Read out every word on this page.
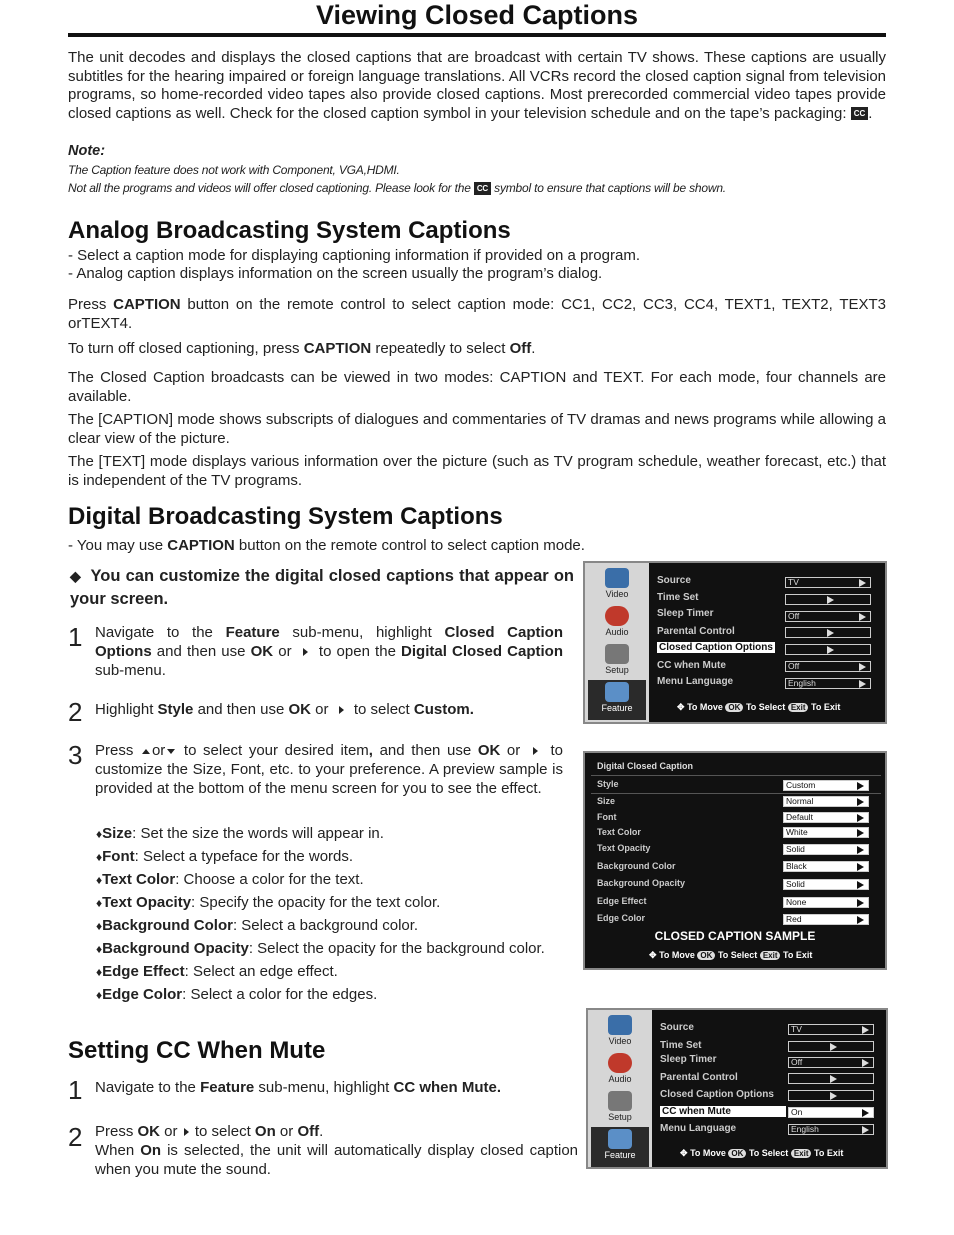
Viewing Closed Captions

The unit decodes and displays the closed captions that are broadcast with certain TV shows. These captions are usually subtitles for the hearing impaired or foreign language translations. All VCRs record the closed caption signal from television programs, so home-recorded video tapes also provide closed captions. Most prerecorded commercial video tapes provide closed captions as well. Check for the closed caption symbol in your television schedule and on the tape’s packaging: CC .

Note:
The Caption feature does not work with Component, VGA,HDMI.
Not all the programs and videos will offer closed captioning. Please look for the CC symbol to ensure that captions will be shown.
Analog Broadcasting System Captions

- Select a caption mode for displaying captioning information if provided on a program.

- Analog caption displays information on the screen usually the program’s dialog.

Press CAPTION button on the remote control to select caption mode: CC1, CC2, CC3, CC4, TEXT1, TEXT2, TEXT3 orTEXT4.

To turn off closed captioning, press CAPTION repeatedly to select Off.

The Closed Caption broadcasts can be viewed in two modes: CAPTION and TEXT. For each mode, four channels are available.

The [CAPTION] mode shows subscripts of dialogues and commentaries of TV dramas and news programs while allowing a clear view of the picture.

The [TEXT] mode displays various information over the picture (such as TV program schedule, weather forecast, etc.) that is independent of the TV programs.

Digital Broadcasting System Captions

- You may use CAPTION button on the remote control to select caption mode.

◆ You can customize the digital closed captions that appear on your screen.
1 Navigate to the Feature sub-menu, highlight Closed Caption Options and then use OK or  to open the Digital Closed Caption sub-menu.
2 Highlight Style and then use OK or  to select Custom.
3 Press or to select your desired item, and then use OK or  to customize the Size, Font, etc. to your preference. A preview sample is provided at the bottom of the menu screen for you to see the effect.
♦Size: Set the size the words will appear in.
♦Font: Select a typeface for the words.
♦Text Color: Choose a color for the text.
♦Text Opacity: Specify the opacity for the text color.
♦Background Color: Select a background color.
♦Background Opacity: Select the opacity for the background color.
♦Edge Effect: Select an edge effect.
♦Edge Color: Select a color for the edges.
Setting CC When Mute
1 Navigate to the Feature sub-menu, highlight CC when Mute.
2 Press OK or  to select On or Off.
When On is selected, the unit will automatically display closed caption when you mute the sound.
Video
Audio
Setup
Feature
Source	TV
Time Set
Sleep Timer	Off
Parental Control
Closed Caption Options
CC when Mute	Off
Menu Language	English
✥ To Move OK To Select Exit To Exit
Digital Closed Caption
Style	Custom
Size	Normal
Font	Default
Text Color	White
Text Opacity	Solid
Background Color	Black
Background Opacity	Solid
Edge Effect	None
Edge Color	Red
CLOSED CAPTION SAMPLE
✥ To Move OK To Select Exit To Exit
Video
Audio
Setup
Feature
Source	TV
Time Set
Sleep Timer	Off
Parental Control
Closed Caption Options
CC when Mute	On
Menu Language	English
✥ To Move OK To Select Exit To Exit
